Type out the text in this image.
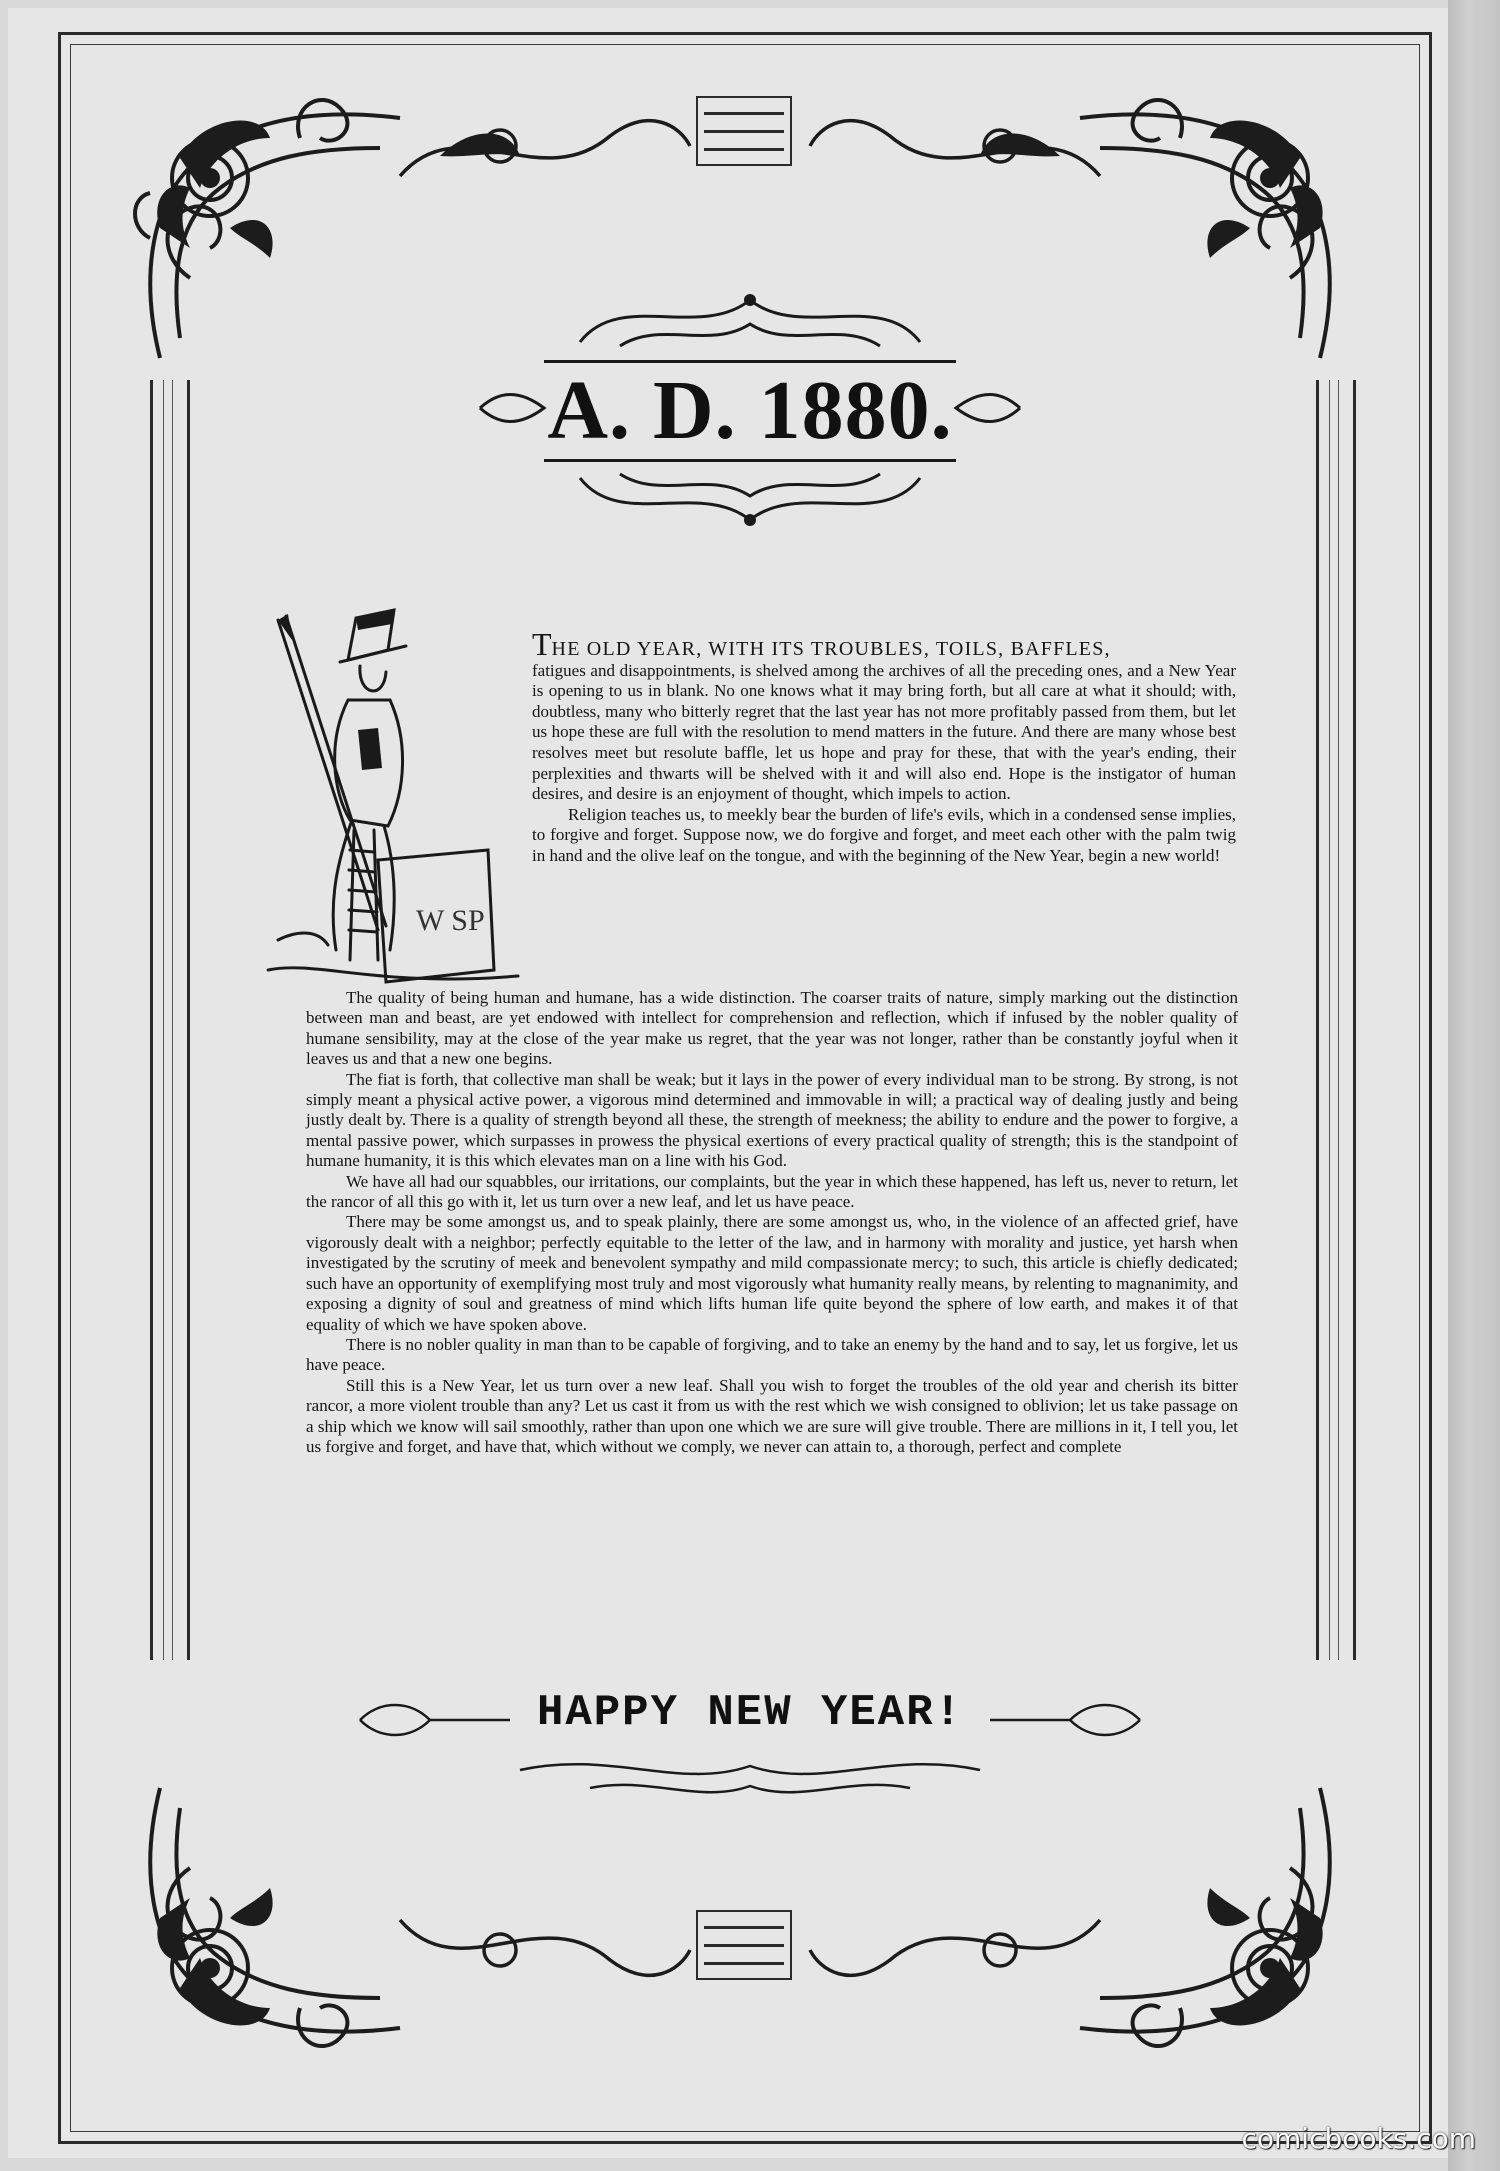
A. D. 1880.
W SP

THE OLD YEAR, WITH ITS TROUBLES, TOILS, BAFFLES,

fatigues and disappointments, is shelved among the archives of all the preceding ones, and a New Year is opening to us in blank. No one knows what it may bring forth, but all care at what it should; with, doubtless, many who bitterly regret that the last year has not more profitably passed from them, but let us hope these are full with the resolution to mend matters in the future. And there are many whose best resolves meet but resolute baffle, let us hope and pray for these, that with the year's ending, their perplexities and thwarts will be shelved with it and will also end. Hope is the instigator of human desires, and desire is an enjoyment of thought, which impels to action.

Religion teaches us, to meekly bear the burden of life's evils, which in a condensed sense implies, to forgive and forget. Suppose now, we do forgive and forget, and meet each other with the palm twig in hand and the olive leaf on the tongue, and with the beginning of the New Year, begin a new world!

The quality of being human and humane, has a wide distinction. The coarser traits of nature, simply marking out the distinction between man and beast, are yet endowed with intellect for comprehension and reflection, which if infused by the nobler quality of humane sensibility, may at the close of the year make us regret, that the year was not longer, rather than be constantly joyful when it leaves us and that a new one begins.

The fiat is forth, that collective man shall be weak; but it lays in the power of every individual man to be strong. By strong, is not simply meant a physical active power, a vigorous mind determined and immovable in will; a practical way of dealing justly and being justly dealt by. There is a quality of strength beyond all these, the strength of meekness; the ability to endure and the power to forgive, a mental passive power, which surpasses in prowess the physical exertions of every practical quality of strength; this is the standpoint of humane humanity, it is this which elevates man on a line with his God.

We have all had our squabbles, our irritations, our complaints, but the year in which these happened, has left us, never to return, let the rancor of all this go with it, let us turn over a new leaf, and let us have peace.

There may be some amongst us, and to speak plainly, there are some amongst us, who, in the violence of an affected grief, have vigorously dealt with a neighbor; perfectly equitable to the letter of the law, and in harmony with morality and justice, yet harsh when investigated by the scrutiny of meek and benevolent sympathy and mild compassionate mercy; to such, this article is chiefly dedicated; such have an opportunity of exemplifying most truly and most vigorously what humanity really means, by relenting to magnanimity, and exposing a dignity of soul and greatness of mind which lifts human life quite beyond the sphere of low earth, and makes it of that equality of which we have spoken above.

There is no nobler quality in man than to be capable of forgiving, and to take an enemy by the hand and to say, let us forgive, let us have peace.

Still this is a New Year, let us turn over a new leaf. Shall you wish to forget the troubles of the old year and cherish its bitter rancor, a more violent trouble than any? Let us cast it from us with the rest which we wish consigned to oblivion; let us take passage on a ship which we know will sail smoothly, rather than upon one which we are sure will give trouble. There are millions in it, I tell you, let us forgive and forget, and have that, which without we comply, we never can attain to, a thorough, perfect and complete

HAPPY NEW YEAR!
comicbooks.com
